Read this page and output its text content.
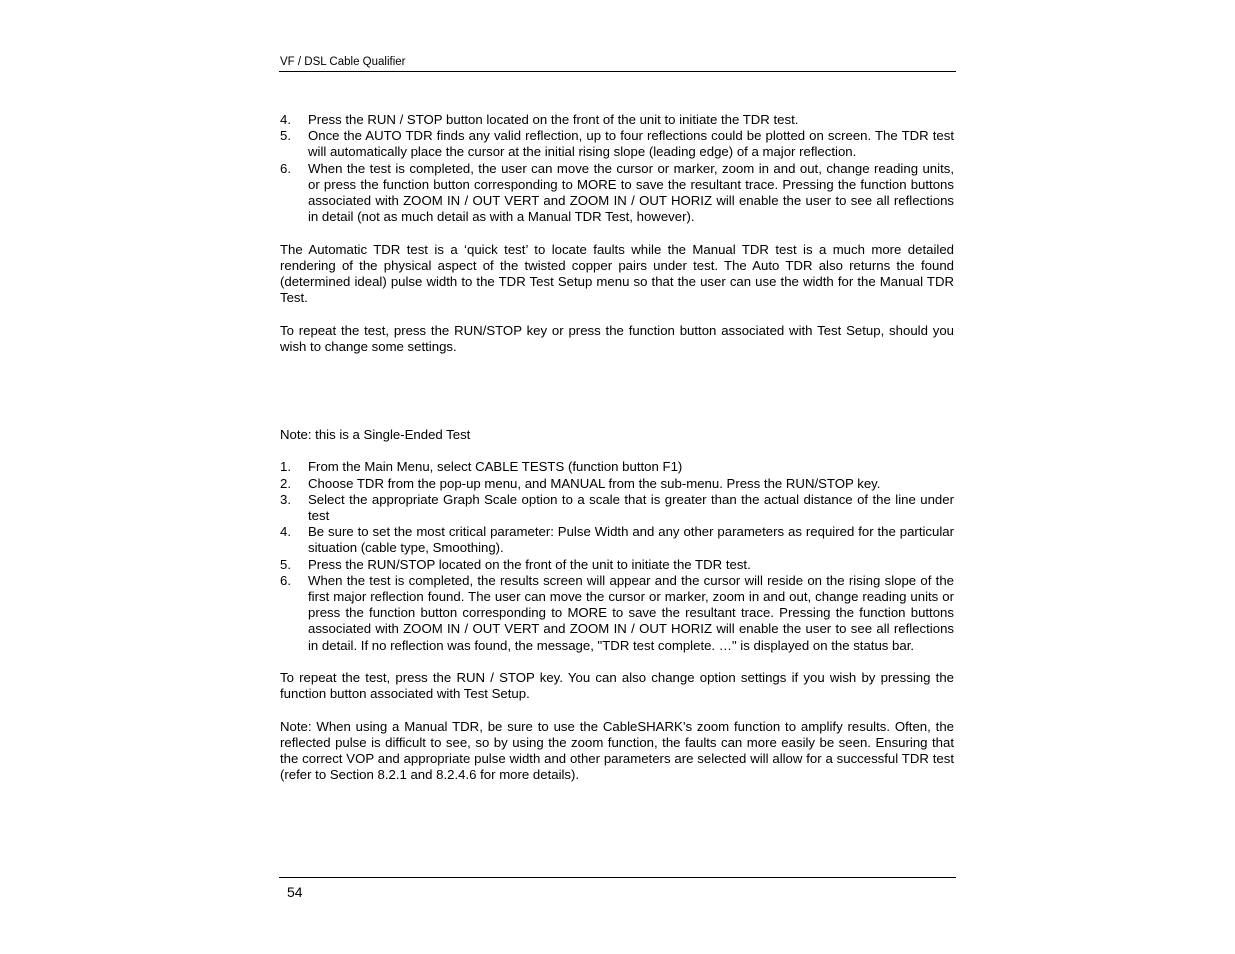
VF / DSL Cable Qualifier
4.	Press the RUN / STOP button located on the front of the unit to initiate the TDR test.
5.	Once the AUTO TDR finds any valid reflection, up to four reflections could be plotted on screen. The TDR test will automatically place the cursor at the initial rising slope (leading edge) of a major reflection.
6.	When the test is completed, the user can move the cursor or marker, zoom in and out, change reading units, or press the function button corresponding to MORE to save the resultant trace. Pressing the function buttons associated with ZOOM IN / OUT VERT and ZOOM IN / OUT HORIZ will enable the user to see all reflections in detail (not as much detail as with a Manual TDR Test, however).

The Automatic TDR test is a ‘quick test’ to locate faults while the Manual TDR test is a much more detailed rendering of the physical aspect of the twisted copper pairs under test. The Auto TDR also returns the found (determined ideal) pulse width to the TDR Test Setup menu so that the user can use the width for the Manual TDR Test.

To repeat the test, press the RUN/STOP key or press the function button associated with Test Setup, should you wish to change some settings.

Note: this is a Single-Ended Test

1.	From the Main Menu, select CABLE TESTS (function button F1)
2.	Choose TDR from the pop-up menu, and MANUAL from the sub-menu. Press the RUN/STOP key.
3.	Select the appropriate Graph Scale option to a scale that is greater than the actual distance of the line under test
4.	Be sure to set the most critical parameter: Pulse Width and any other parameters as required for the particular situation (cable type, Smoothing).
5.	Press the RUN/STOP located on the front of the unit to initiate the TDR test.
6.	When the test is completed, the results screen will appear and the cursor will reside on the rising slope of the first major reflection found. The user can move the cursor or marker, zoom in and out, change reading units or press the function button corresponding to MORE to save the resultant trace. Pressing the function buttons associated with ZOOM IN / OUT VERT and ZOOM IN / OUT HORIZ will enable the user to see all reflections in detail. If no reflection was found, the message, "TDR test complete. …" is displayed on the status bar.

To repeat the test, press the RUN / STOP key. You can also change option settings if you wish by pressing the function button associated with Test Setup.

Note: When using a Manual TDR, be sure to use the CableSHARK’s zoom function to amplify results. Often, the reflected pulse is difficult to see, so by using the zoom function, the faults can more easily be seen. Ensuring that the correct VOP and appropriate pulse width and other parameters are selected will allow for a successful TDR test (refer to Section 8.2.1 and 8.2.4.6 for more details).

54
